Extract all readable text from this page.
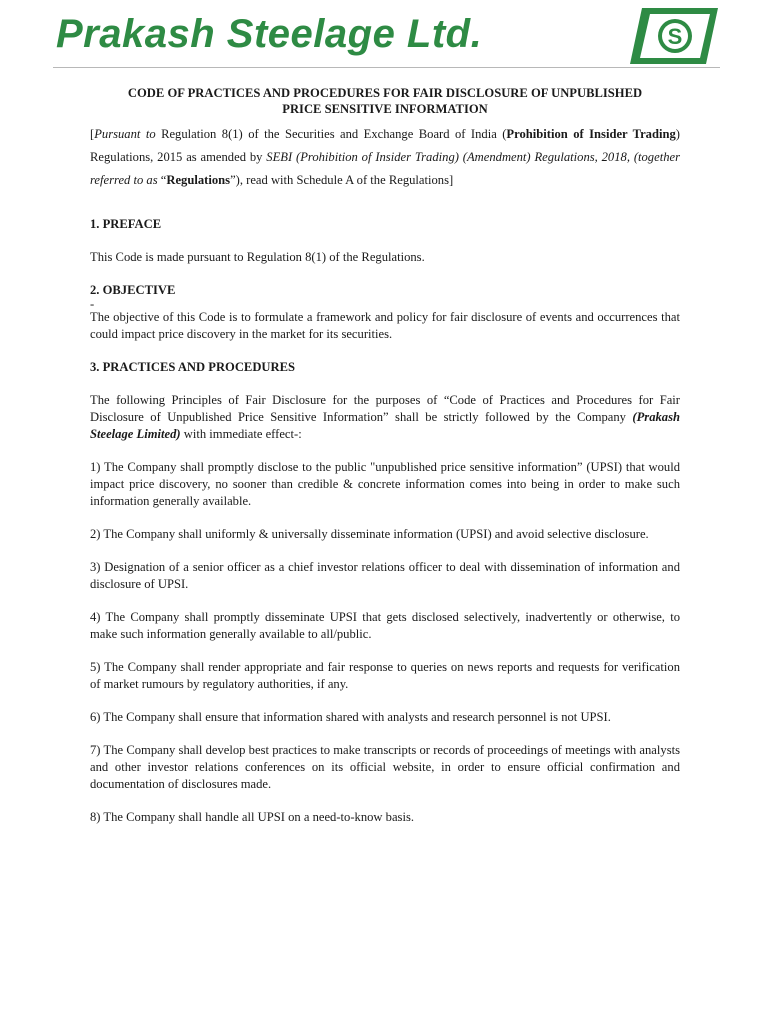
Prakash Steelage Ltd.	S

CODE OF PRACTICES AND PROCEDURES FOR FAIR DISCLOSURE OF UNPUBLISHED
PRICE SENSITIVE INFORMATION

[Pursuant to Regulation 8(1) of the Securities and Exchange Board of India (Prohibition of Insider Trading) Regulations, 2015 as amended by SEBI (Prohibition of Insider Trading) (Amendment) Regulations, 2018, (together referred to as “Regulations”), read with Schedule A of the Regulations]

1. PREFACE

This Code is made pursuant to Regulation 8(1) of the Regulations.

2. OBJECTIVE

-

The objective of this Code is to formulate a framework and policy for fair disclosure of events and occurrences that could impact price discovery in the market for its securities.

3. PRACTICES AND PROCEDURES

The following Principles of Fair Disclosure for the purposes of “Code of Practices and Procedures for Fair Disclosure of Unpublished Price Sensitive Information” shall be strictly followed by the Company (Prakash Steelage Limited) with immediate effect-:

1) The Company shall promptly disclose to the public "unpublished price sensitive information” (UPSI) that would impact price discovery, no sooner than credible & concrete information comes into being in order to make such information generally available.

2) The Company shall uniformly & universally disseminate information (UPSI) and avoid selective disclosure.

3) Designation of a senior officer as a chief investor relations officer to deal with dissemination of information and disclosure of UPSI.

4) The Company shall promptly disseminate UPSI that gets disclosed selectively, inadvertently or otherwise, to make such information generally available to all/public.

5) The Company shall render appropriate and fair response to queries on news reports and requests for verification of market rumours by regulatory authorities, if any.

6) The Company shall ensure that information shared with analysts and research personnel is not UPSI.

7) The Company shall develop best practices to make transcripts or records of proceedings of meetings with analysts and other investor relations conferences on its official website, in order to ensure official confirmation and documentation of disclosures made.

8) The Company shall handle all UPSI on a need-to-know basis.
